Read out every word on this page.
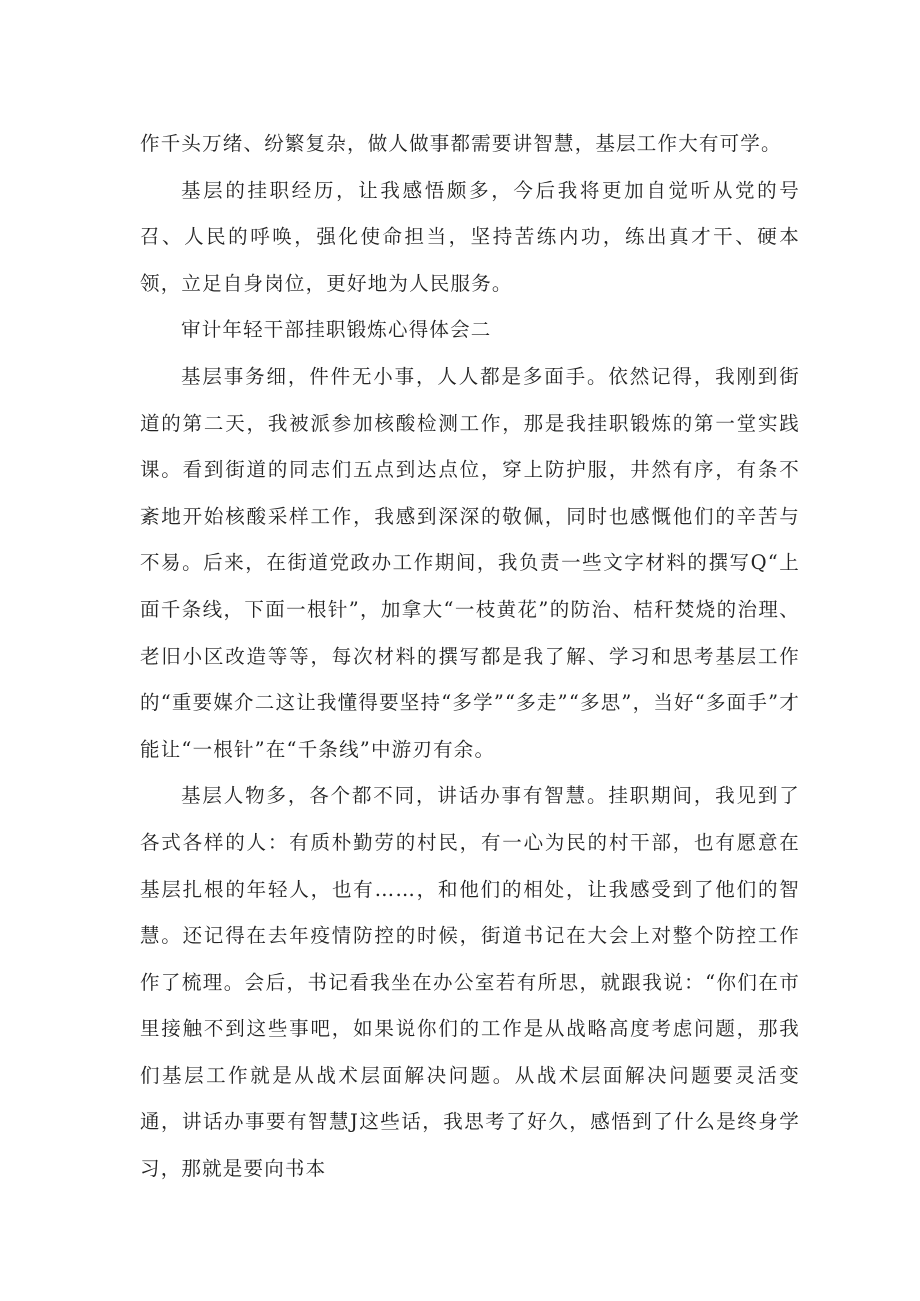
作千头万绪、纷繁复杂，做人做事都需要讲智慧，基层工作大有可学。

基层的挂职经历，让我感悟颇多，今后我将更加自觉听从党的号召、人民的呼唤，强化使命担当，坚持苦练内功，练出真才干、硬本领，立足自身岗位，更好地为人民服务。

审计年轻干部挂职锻炼心得体会二

基层事务细，件件无小事，人人都是多面手。依然记得，我刚到街道的第二天，我被派参加核酸检测工作，那是我挂职锻炼的第一堂实践课。看到街道的同志们五点到达点位，穿上防护服，井然有序，有条不紊地开始核酸采样工作，我感到深深的敬佩，同时也感慨他们的辛苦与不易。后来，在街道党政办工作期间，我负责一些文字材料的撰写Q“上面千条线，下面一根针”，加拿大“一枝黄花”的防治、桔秆焚烧的治理、老旧小区改造等等，每次材料的撰写都是我了解、学习和思考基层工作的“重要媒介二这让我懂得要坚持“多学”“多走”“多思”，当好“多面手”才能让“一根针”在“千条线”中游刃有余。

基层人物多，各个都不同，讲话办事有智慧。挂职期间，我见到了各式各样的人：有质朴勤劳的村民，有一心为民的村干部，也有愿意在基层扎根的年轻人，也有……，和他们的相处，让我感受到了他们的智慧。还记得在去年疫情防控的时候，街道书记在大会上对整个防控工作作了梳理。会后，书记看我坐在办公室若有所思，就跟我说：“你们在市里接触不到这些事吧，如果说你们的工作是从战略高度考虑问题，那我们基层工作就是从战术层面解决问题。从战术层面解决问题要灵活变通，讲话办事要有智慧J这些话，我思考了好久，感悟到了什么是终身学习，那就是要向书本
